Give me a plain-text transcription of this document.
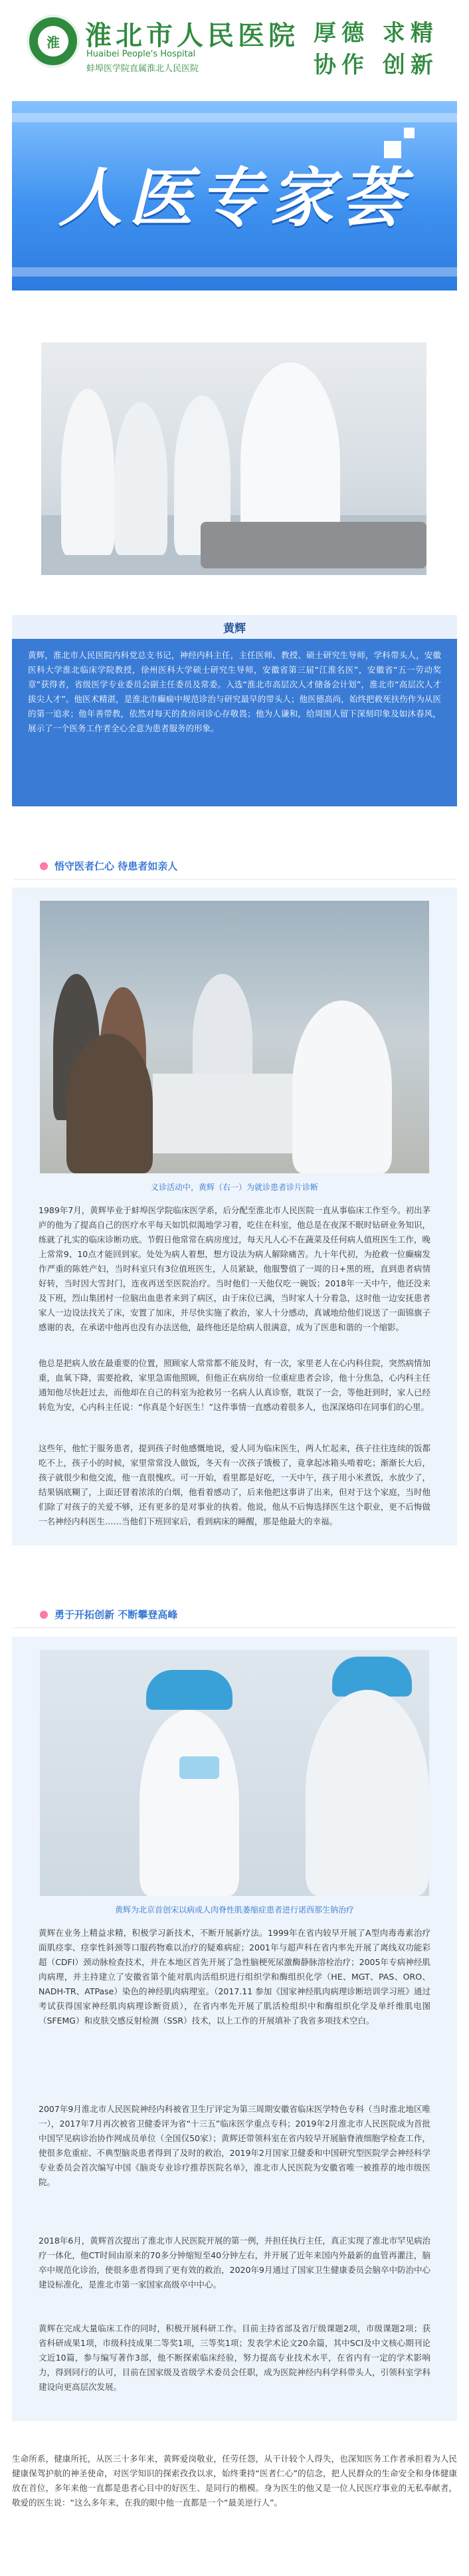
淮 淮北市人民医院
Huaibei People's Hospital
蚌埠医学院直属淮北人民医院
厚德 求精
协作 创新
人医专家荟
黄辉
黄辉，淮北市人民医院内科党总支书记，神经内科主任，主任医师、教授、硕士研究生导师，学科带头人，安徽医科大学淮北临床学院教授，徐州医科大学硕士研究生导师，安徽省第三届“江淮名医”，安徽省“五一劳动奖章”获得者，省级医学专业委员会副主任委员及常委。入选“淮北市高层次人才储备会计划”，淮北市“高层次人才拔尖人才”。他医术精湛，是淮北市癫痫中规范诊治与研究最早的带头人；他医德高尚，始终把救死扶伤作为从医的第一追求；他年善带教，依然对每天的查房问诊心存敬畏；他为人谦和，给周围人留下深刻印象及如沐春风，展示了一个医务工作者全心全意为患者服务的形象。
悟守医者仁心 待患者如亲人
义诊活动中，黄辉（右一）为就诊患者诊片诊断
1989年7月，黄辉毕业于蚌埠医学院临床医学系，后分配至淮北市人民医院一直从事临床工作至今。初出茅庐的他为了提高自己的医疗水平每天如饥似渴地学习着，吃住在科室，他总是在夜深不眠时钻研业务知识，练就了扎实的临床诊断功底。节假日他常常在病房度过，每天凡人心不在蔬菜及任何病人值班医生工作，晚上常常9、10点才能回到家。处处为病人着想，想方设法为病人解除痛苦。九十年代初，为抢救一位癫痫发作严重的陈姓产妇，当时科室只有3位值班医生，人员紧缺，他服警值了一周的日+黑的班，直到患者病情好转，当时因大雪封门，连夜再送至医院治疗。当时他们一天他仅吃一碗饭；2018年一天中午，他还没来及下班，烈山集团村一位脑出血患者来到了病区，由于床位已满，当时家人十分着急，这时他一边安抚患者家人一边设法找关了床，安置了加床，并尽快实施了救治，家人十分感动，真诚地给他们说送了一面锦旗子感谢的表，在承诺中他再也没有办法送他，最终他还是给病人很满意，成为了医患和谐的一个缩影。
他总是把病人放在最重要的位置，照顾家人常常都不能及时，有一次，家里老人在心内科住院，突然病情加重，血氧下降，需要抢救，家里急需他照顾，但他正在病房给一位重症患者会诊，他十分焦急，心内科主任通知他尽快赶过去，而他却在自己的科室为抢救另一名病人认真诊察，耽误了一会，等他赶到时，家人已经转危为安，心内科主任说：“你真是个好医生！”这件事情一直感动着很多人，也深深烙印在同事们的心里。
这些年，他忙于服务患者，提到孩子时他感慨地说，爱人同为临床医生，两人忙起来，孩子往往连续的饭都吃不上，孩子小的时候，家里常常没人做饭，冬天有一次孩子饿极了，竟拿起冰箱头啃着吃；渐渐长大后，孩子就很少和他交流，他一直很愧疚。可一开始，看里都是好吃，一天中午，孩子用小米煮饭，水放少了，结果锅底糊了，上面还冒着浓浓的白烟，他看着感动了，后来他把这事讲了出来，但对于这个家庭，当时他们除了对孩子的关爱不够，还有更多的是对事业的执着。他说，他从不后悔选择医生这个职业，更不后悔做一名神经内科医生……当他们下班回家后，看到病床的睡醒，那是他最大的幸福。
勇于开拓创新 不断攀登高峰
黄辉为北京首创宋以病或人肉脊性肌萎缩症患者进行诺西那生钠治疗
黄辉在业务上精益求精，积极学习新技术，不断开展新疗法。1999年在省内较早开展了A型肉毒毒素治疗面肌痉挛、痉挛性斜颈等口服药物难以治疗的疑难病症；2001年与超声科在省内率先开展了离线双功能彩超（CDFI）颈动脉检查技术，并在本地区首先开展了急性脑梗死尿激酶静脉溶栓治疗；2005年专病神经肌肉病理，并主持建立了安徽省第个能对肌肉活组织进行组织学和酶组织化学（HE、MGT、PAS、ORO、NADH-TR、ATPase）染色的神经肌肉病理室。（2017.11 参加《国家神经肌肉病理诊断培训学习班》通过考试获得国家神经肌肉病理诊断资质），在省内率先开展了肌活检组织中和酶组织化学及单纤维肌电图（SFEMG）和皮肤交感反射检测（SSR）技术，以上工作的开展填补了我省多项技术空白。
2007年9月淮北市人民医院神经内科被省卫生厅评定为第三周期安徽省临床医学特色专科（当时淮北地区唯一），2017年7月再次被省卫健委评为省“十三五”临床医学重点专科；2019年2月淮北市人民医院成为首批中国罕见病诊治协作网成员单位（全国仅50家）；黄辉还带领科室在省内较早开展脑脊液细胞学检查工作，使很多危重症、不典型脑炎患者得到了及时的救治，2019年2月国家卫健委和中国研究型医院学会神经科学专业委员会首次编写中国《脑炎专业诊疗推荐医院名单》，淮北市人民医院为安徽省唯一被推荐的地市级医院。
2018年6月，黄辉首次提出了淮北市人民医院开展的第一例，并担任执行主任，真正实现了淮北市罕见病治疗一体化，他CT时间由原来的70多分钟缩短至40分钟左右，并开展了近年来国内外最新的血管再灌注，脑卒中规范化诊治，使很多患者得到了更有效的救治，2020年9月通过了国家卫生健康委员会脑卒中防治中心建设标准化，是淮北市第一家国家高级卒中中心。
黄辉在完成大量临床工作的同时，积极开展科研工作。目前主持省部及省厅级课题2项，市级课题2项；获省科研成果1项，市级科技成果二等奖1项，三等奖1项；发表学术论文20余篇，其中SCI及中文核心期刊论文近10篇，参与编写著作3部，他不断探索临床经验，努力提高专业技术水平，在省内有一定的学术影响力，得到同行的认可，目前在国家级及省级学术委员会任职，成为医院神经内科学科带头人，引领科室学科建设向更高层次发展。
生命所系，健康所托，从医三十多年来，黄辉爱岗敬业，任劳任怨，从干计较个人得失，也深知医务工作者承担着为人民健康保驾护航的神圣使命，对医学知识的探索孜孜以求，始终秉持“医者仁心”的信念，把人民群众的生命安全和身体健康放在首位，多年来他一直都是患者心目中的好医生、是同行的楷模。身为医生的他又是一位人民医疗事业的无私奉献者，敬爱的医生说：“这么多年来，在我的眼中他一直都是一个“最美逆行人”。
